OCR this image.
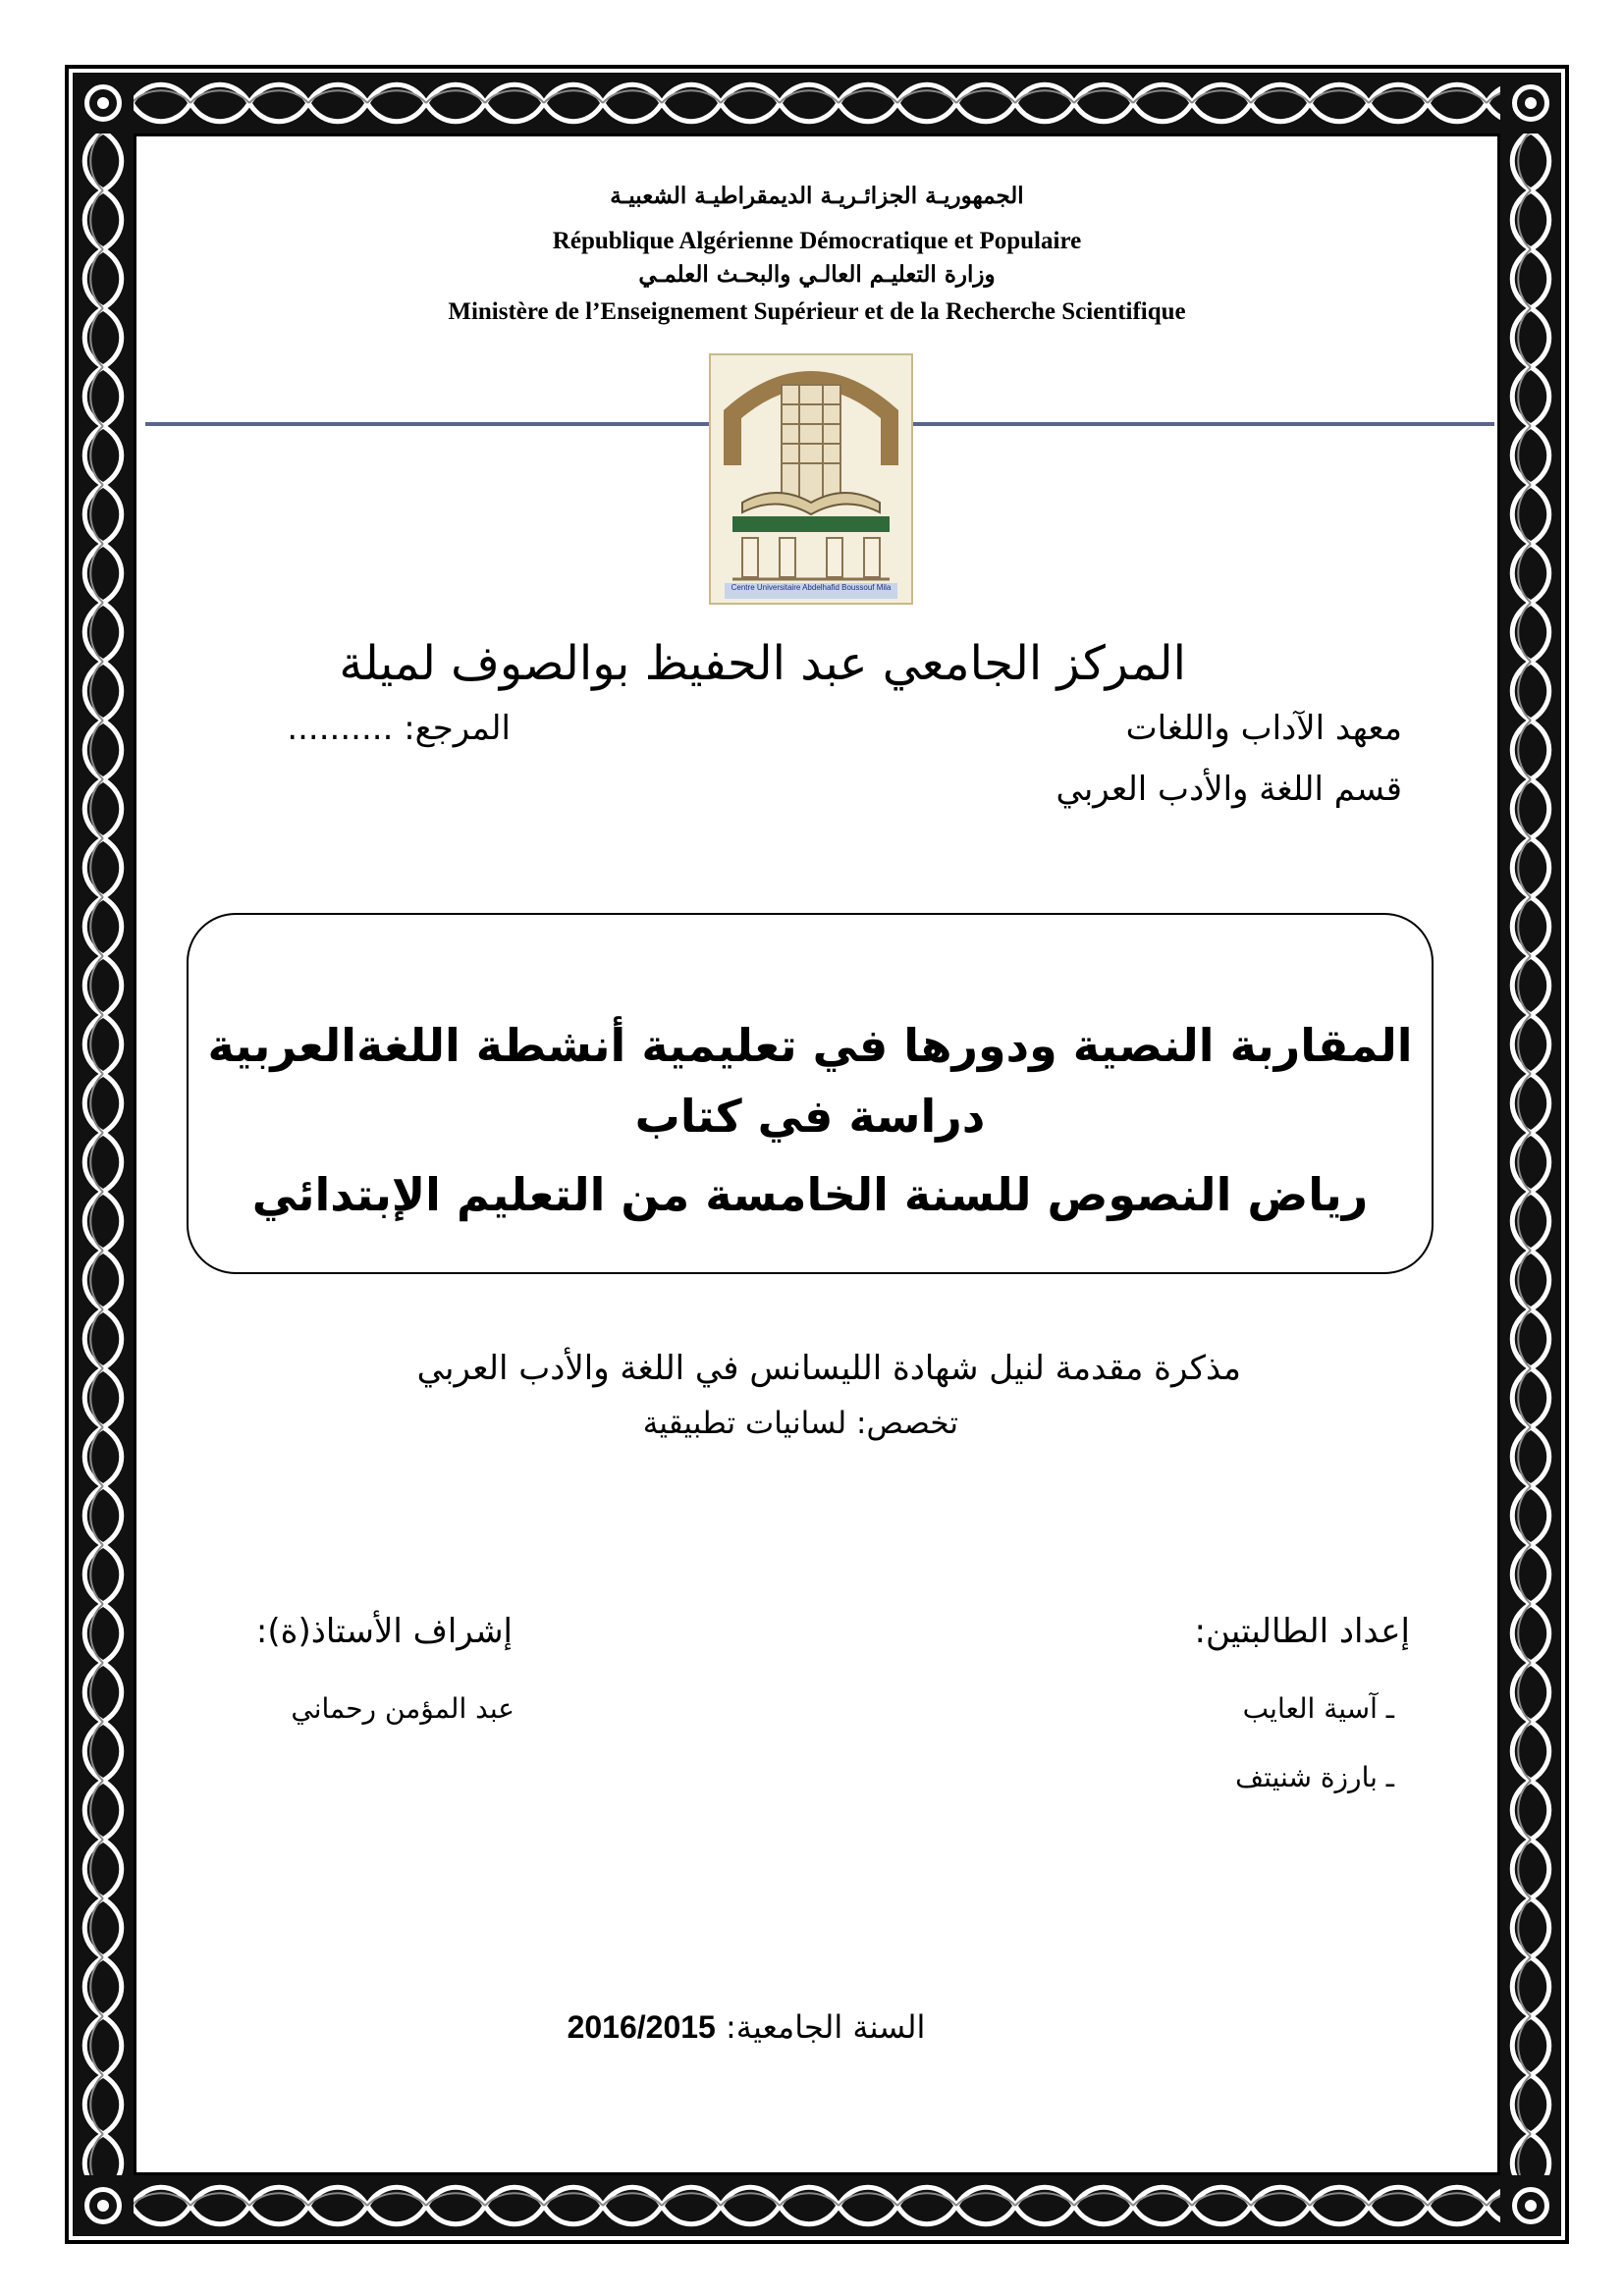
الجمهوريـة الجزائـريـة الديمقراطيـة الشعبيـة
République Algérienne Démocratique et Populaire
وزارة التعليـم العالـي والبحـث العلمـي
Ministère de l’Enseignement Supérieur et de la Recherche Scientifique
Centre Universitaire Abdelhafid Boussouf Mila
المركز الجامعي عبد الحفيظ بوالصوف لميلة
معهد الآداب واللغات
المرجع: ..........
قسم اللغة والأدب العربي
المقاربة النصية ودورها في تعليمية أنشطة اللغةالعربية
دراسة في كتاب
رياض النصوص للسنة الخامسة من التعليم الإبتدائي
مذكرة مقدمة لنيل شهادة الليسانس في اللغة والأدب العربي
تخصص: لسانيات تطبيقية
إعداد الطالبتين:
ـ آسية العايب
ـ بارزة شنيتف
إشراف الأستاذ(ة):
عبد المؤمن رحماني
السنة الجامعية: 2016/2015
